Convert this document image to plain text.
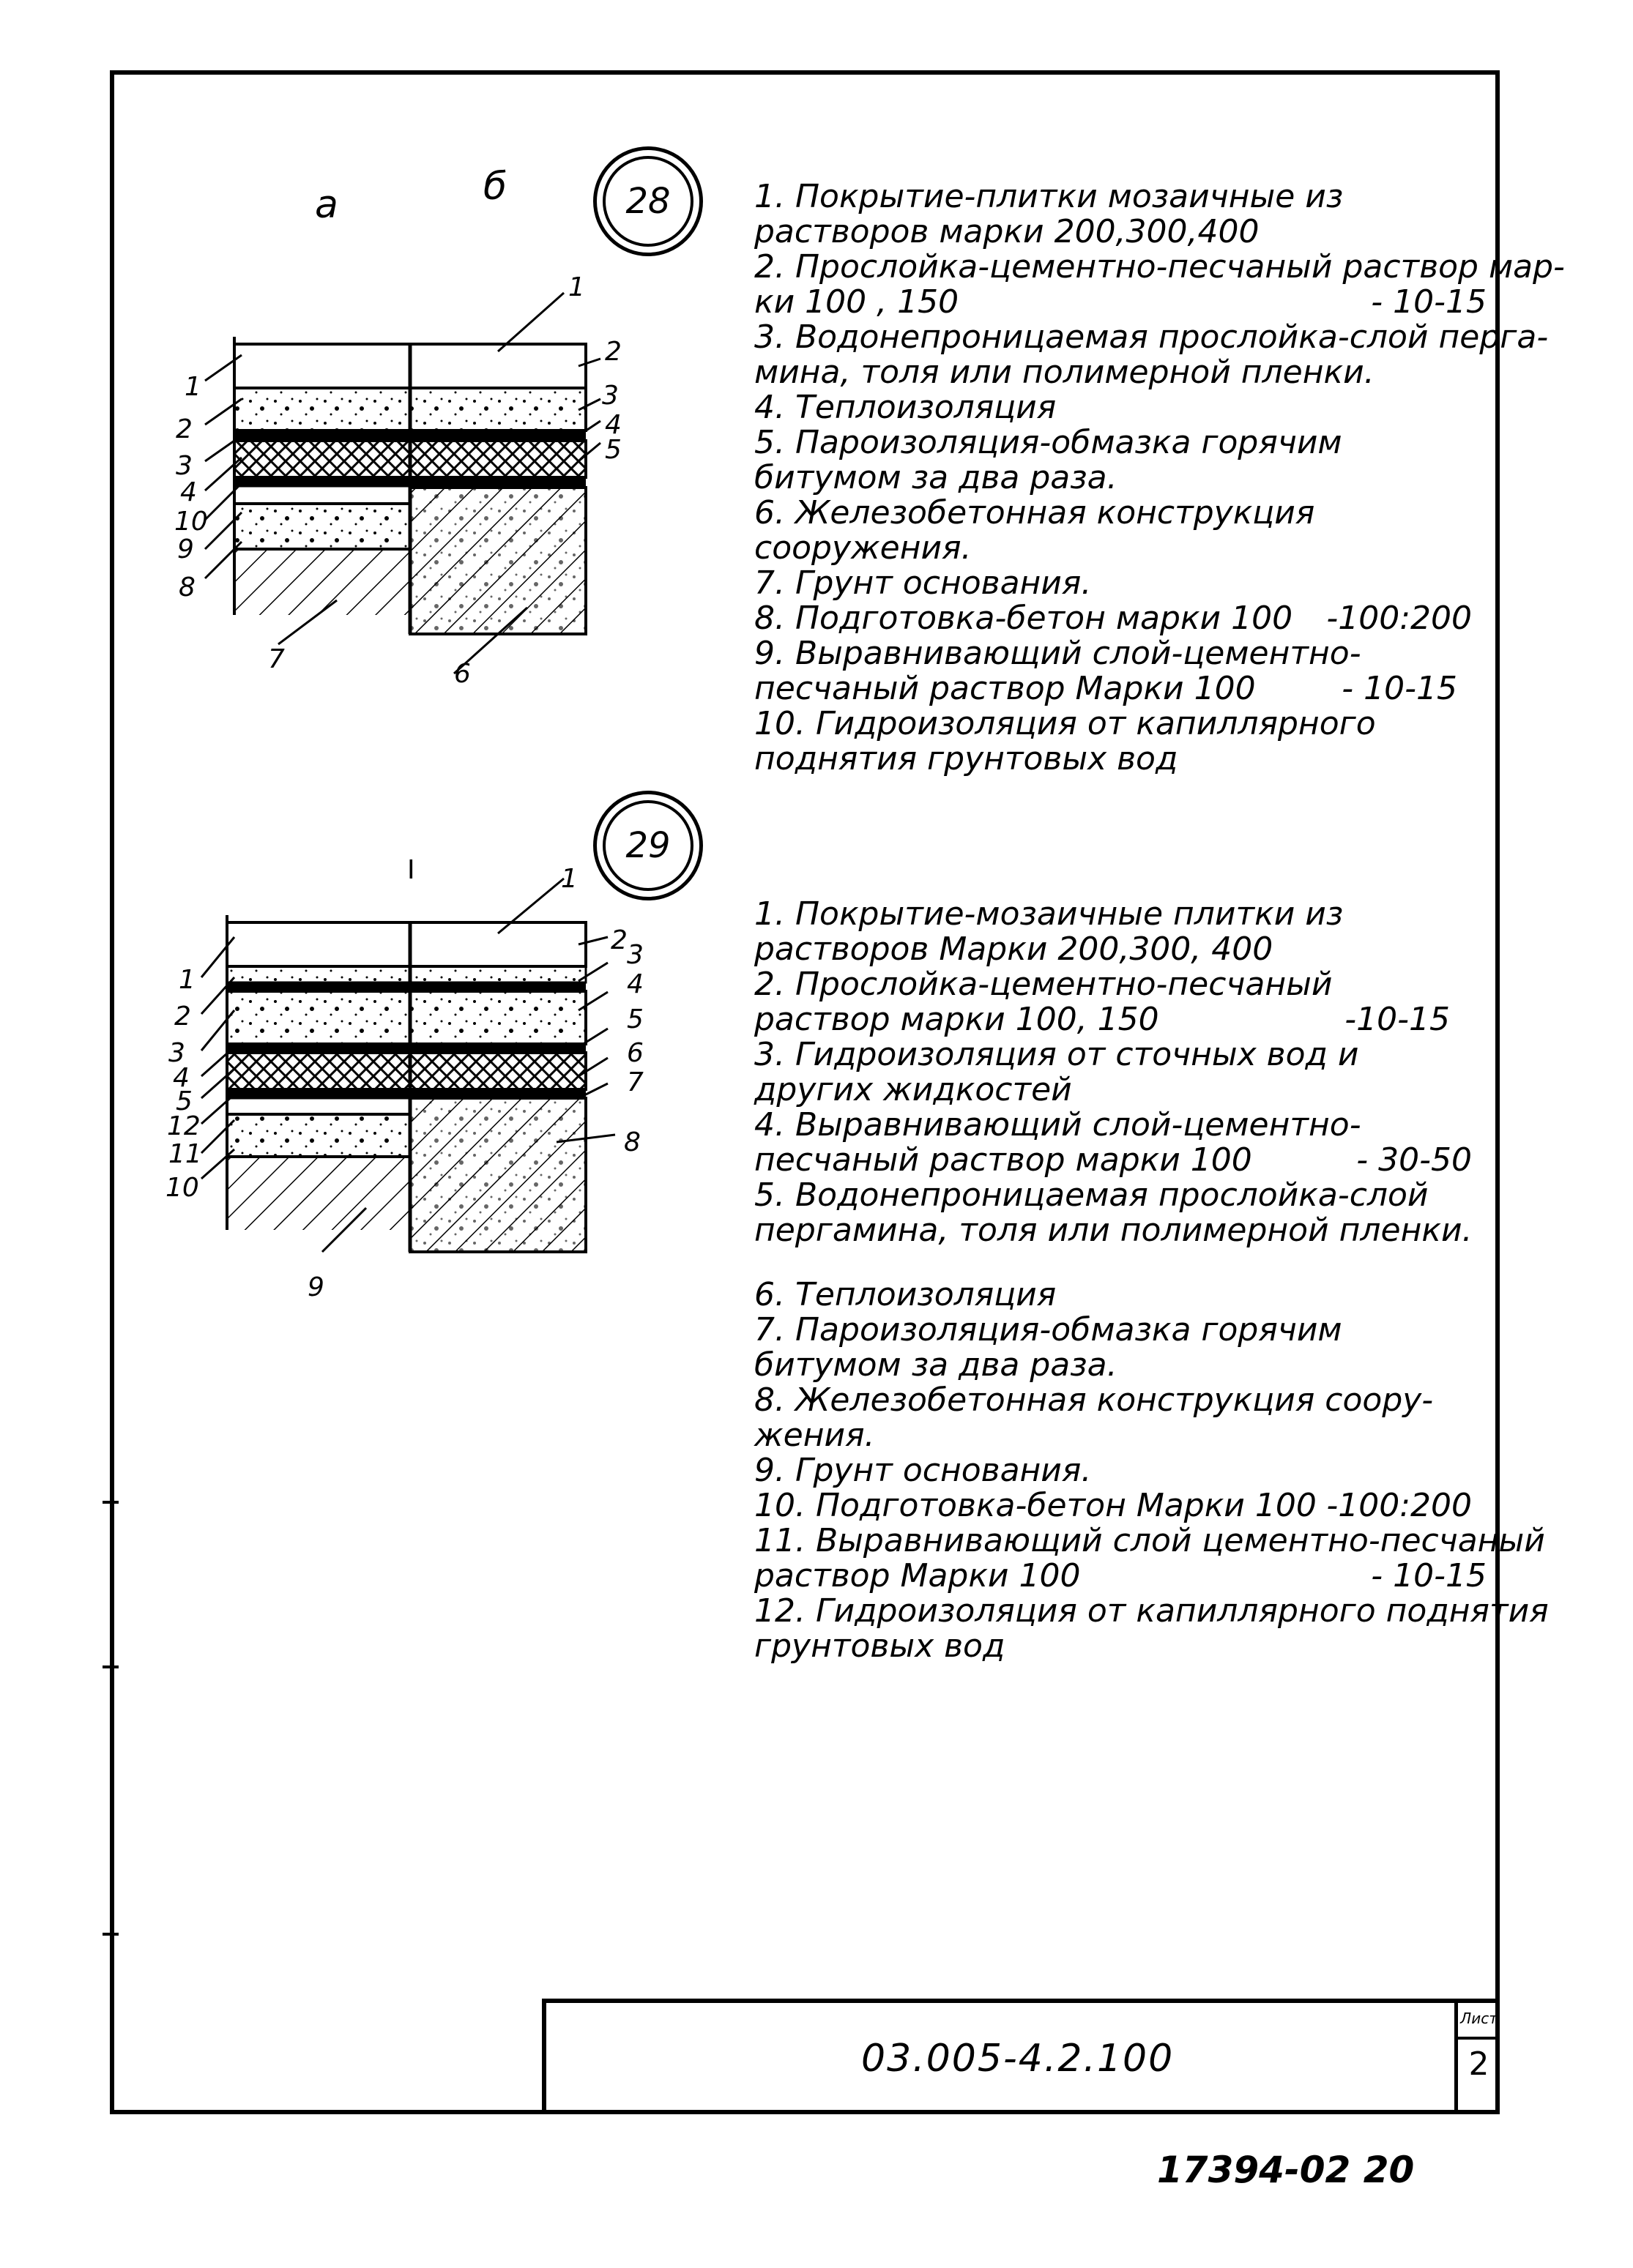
а	б	28
1
2
3
4
10
9
8
2
3
4
5
1
7	6
1. Покрытие-плитки мозаичные из
растворов марки 200,300,400
2. Прослойка-цементно-песчаный раствор мар-
ки 100 , 150	- 10-15
3. Водонепроницаемая прослойка-слой перга-
мина, толя или полимерной пленки.
4. Теплоизоляция
5. Пароизоляция-обмазка горячим
битумом за два раза.
6. Железобетонная конструкция
сооружения.
7. Грунт основания.
8. Подготовка-бетон марки 100 -100:200
9. Выравнивающий слой-цементно-
песчаный раствор Марки 100	- 10-15
10. Гидроизоляция от капиллярного
поднятия грунтовых вод
29
I	1
1
2
3
4
5
12
11
10
2 3
4
5
6
7
8
9
1. Покрытие-мозаичные плитки из
растворов Марки 200,300, 400
2. Прослойка-цементно-песчаный
раствор марки 100, 150	-10-15
3. Гидроизоляция от сточных вод и
других жидкостей
4. Выравнивающий слой-цементно-
песчаный раствор марки 100	- 30-50
5. Водонепроницаемая прослойка-слой
пергамина, толя или полимерной пленки.
6. Теплоизоляция
7. Пароизоляция-обмазка горячим
битумом за два раза.
8. Железобетонная конструкция соору-
жения.
9. Грунт основания.
10. Подготовка-бетон Марки 100 -100:200
11. Выравнивающий слой цементно-песчаный
раствор Марки 100	- 10-15
12. Гидроизоляция от капиллярного поднятия
грунтовых вод
Лист
2
03.005-4.2.100
17394-02 20
